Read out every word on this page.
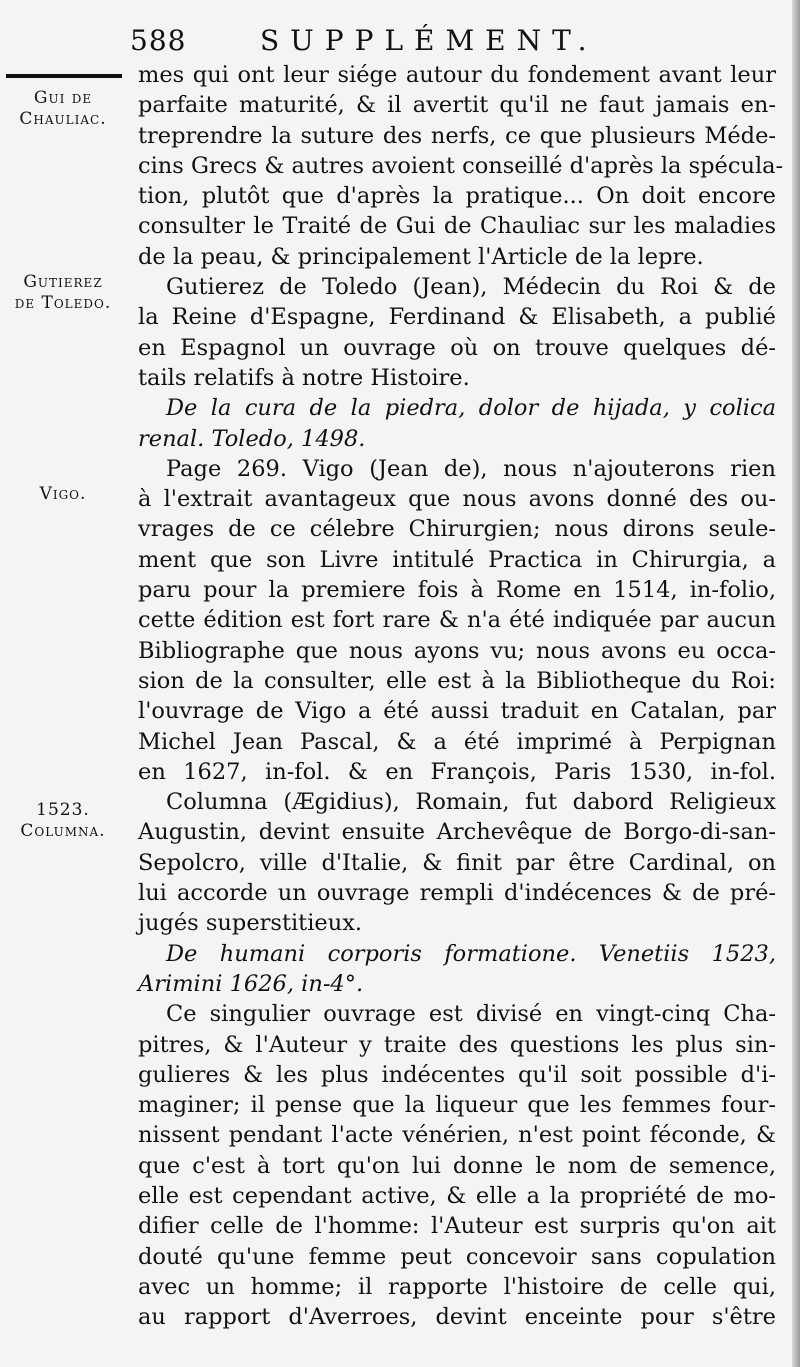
588	SUPPLÉMENT.
Gui de
Chauliac.
Gutierez
de Toledo.
Vigo.
1523.
Columna.
mes qui ont leur siége autour du fondement avant leur
parfaite maturité, & il avertit qu'il ne faut jamais en-
treprendre la suture des nerfs, ce que plusieurs Méde-
cins Grecs & autres avoient conseillé d'après la spécula-
tion, plutôt que d'après la pratique... On doit encore
consulter le Traité de Gui de Chauliac sur les maladies
de la peau, & principalement l'Article de la lepre.
Gutierez de Toledo (Jean), Médecin du Roi & de
la Reine d'Espagne, Ferdinand & Elisabeth, a publié
en Espagnol un ouvrage où on trouve quelques dé-
tails relatifs à notre Histoire.
De la cura de la piedra, dolor de hijada, y colica
renal. Toledo, 1498.
Page 269. Vigo (Jean de), nous n'ajouterons rien
à l'extrait avantageux que nous avons donné des ou-
vrages de ce célebre Chirurgien; nous dirons seule-
ment que son Livre intitulé Practica in Chirurgia, a
paru pour la premiere fois à Rome en 1514, in-folio,
cette édition est fort rare & n'a été indiquée par aucun
Bibliographe que nous ayons vu; nous avons eu occa-
sion de la consulter, elle est à la Bibliotheque du Roi:
l'ouvrage de Vigo a été aussi traduit en Catalan, par
Michel Jean Pascal, & a été imprimé à Perpignan
en 1627, in-fol. & en François, Paris 1530, in-fol.
Columna (Ægidius), Romain, fut dabord Religieux
Augustin, devint ensuite Archevêque de Borgo-di-san-
Sepolcro, ville d'Italie, & finit par être Cardinal, on
lui accorde un ouvrage rempli d'indécences & de pré-
jugés superstitieux.
De humani corporis formatione. Venetiis 1523,
Arimini 1626, in-4°.
Ce singulier ouvrage est divisé en vingt-cinq Cha-
pitres, & l'Auteur y traite des questions les plus sin-
gulieres & les plus indécentes qu'il soit possible d'i-
maginer; il pense que la liqueur que les femmes four-
nissent pendant l'acte vénérien, n'est point féconde, &
que c'est à tort qu'on lui donne le nom de semence,
elle est cependant active, & elle a la propriété de mo-
difier celle de l'homme: l'Auteur est surpris qu'on ait
douté qu'une femme peut concevoir sans copulation
avec un homme; il rapporte l'histoire de celle qui,
au rapport d'Averroes, devint enceinte pour s'être
